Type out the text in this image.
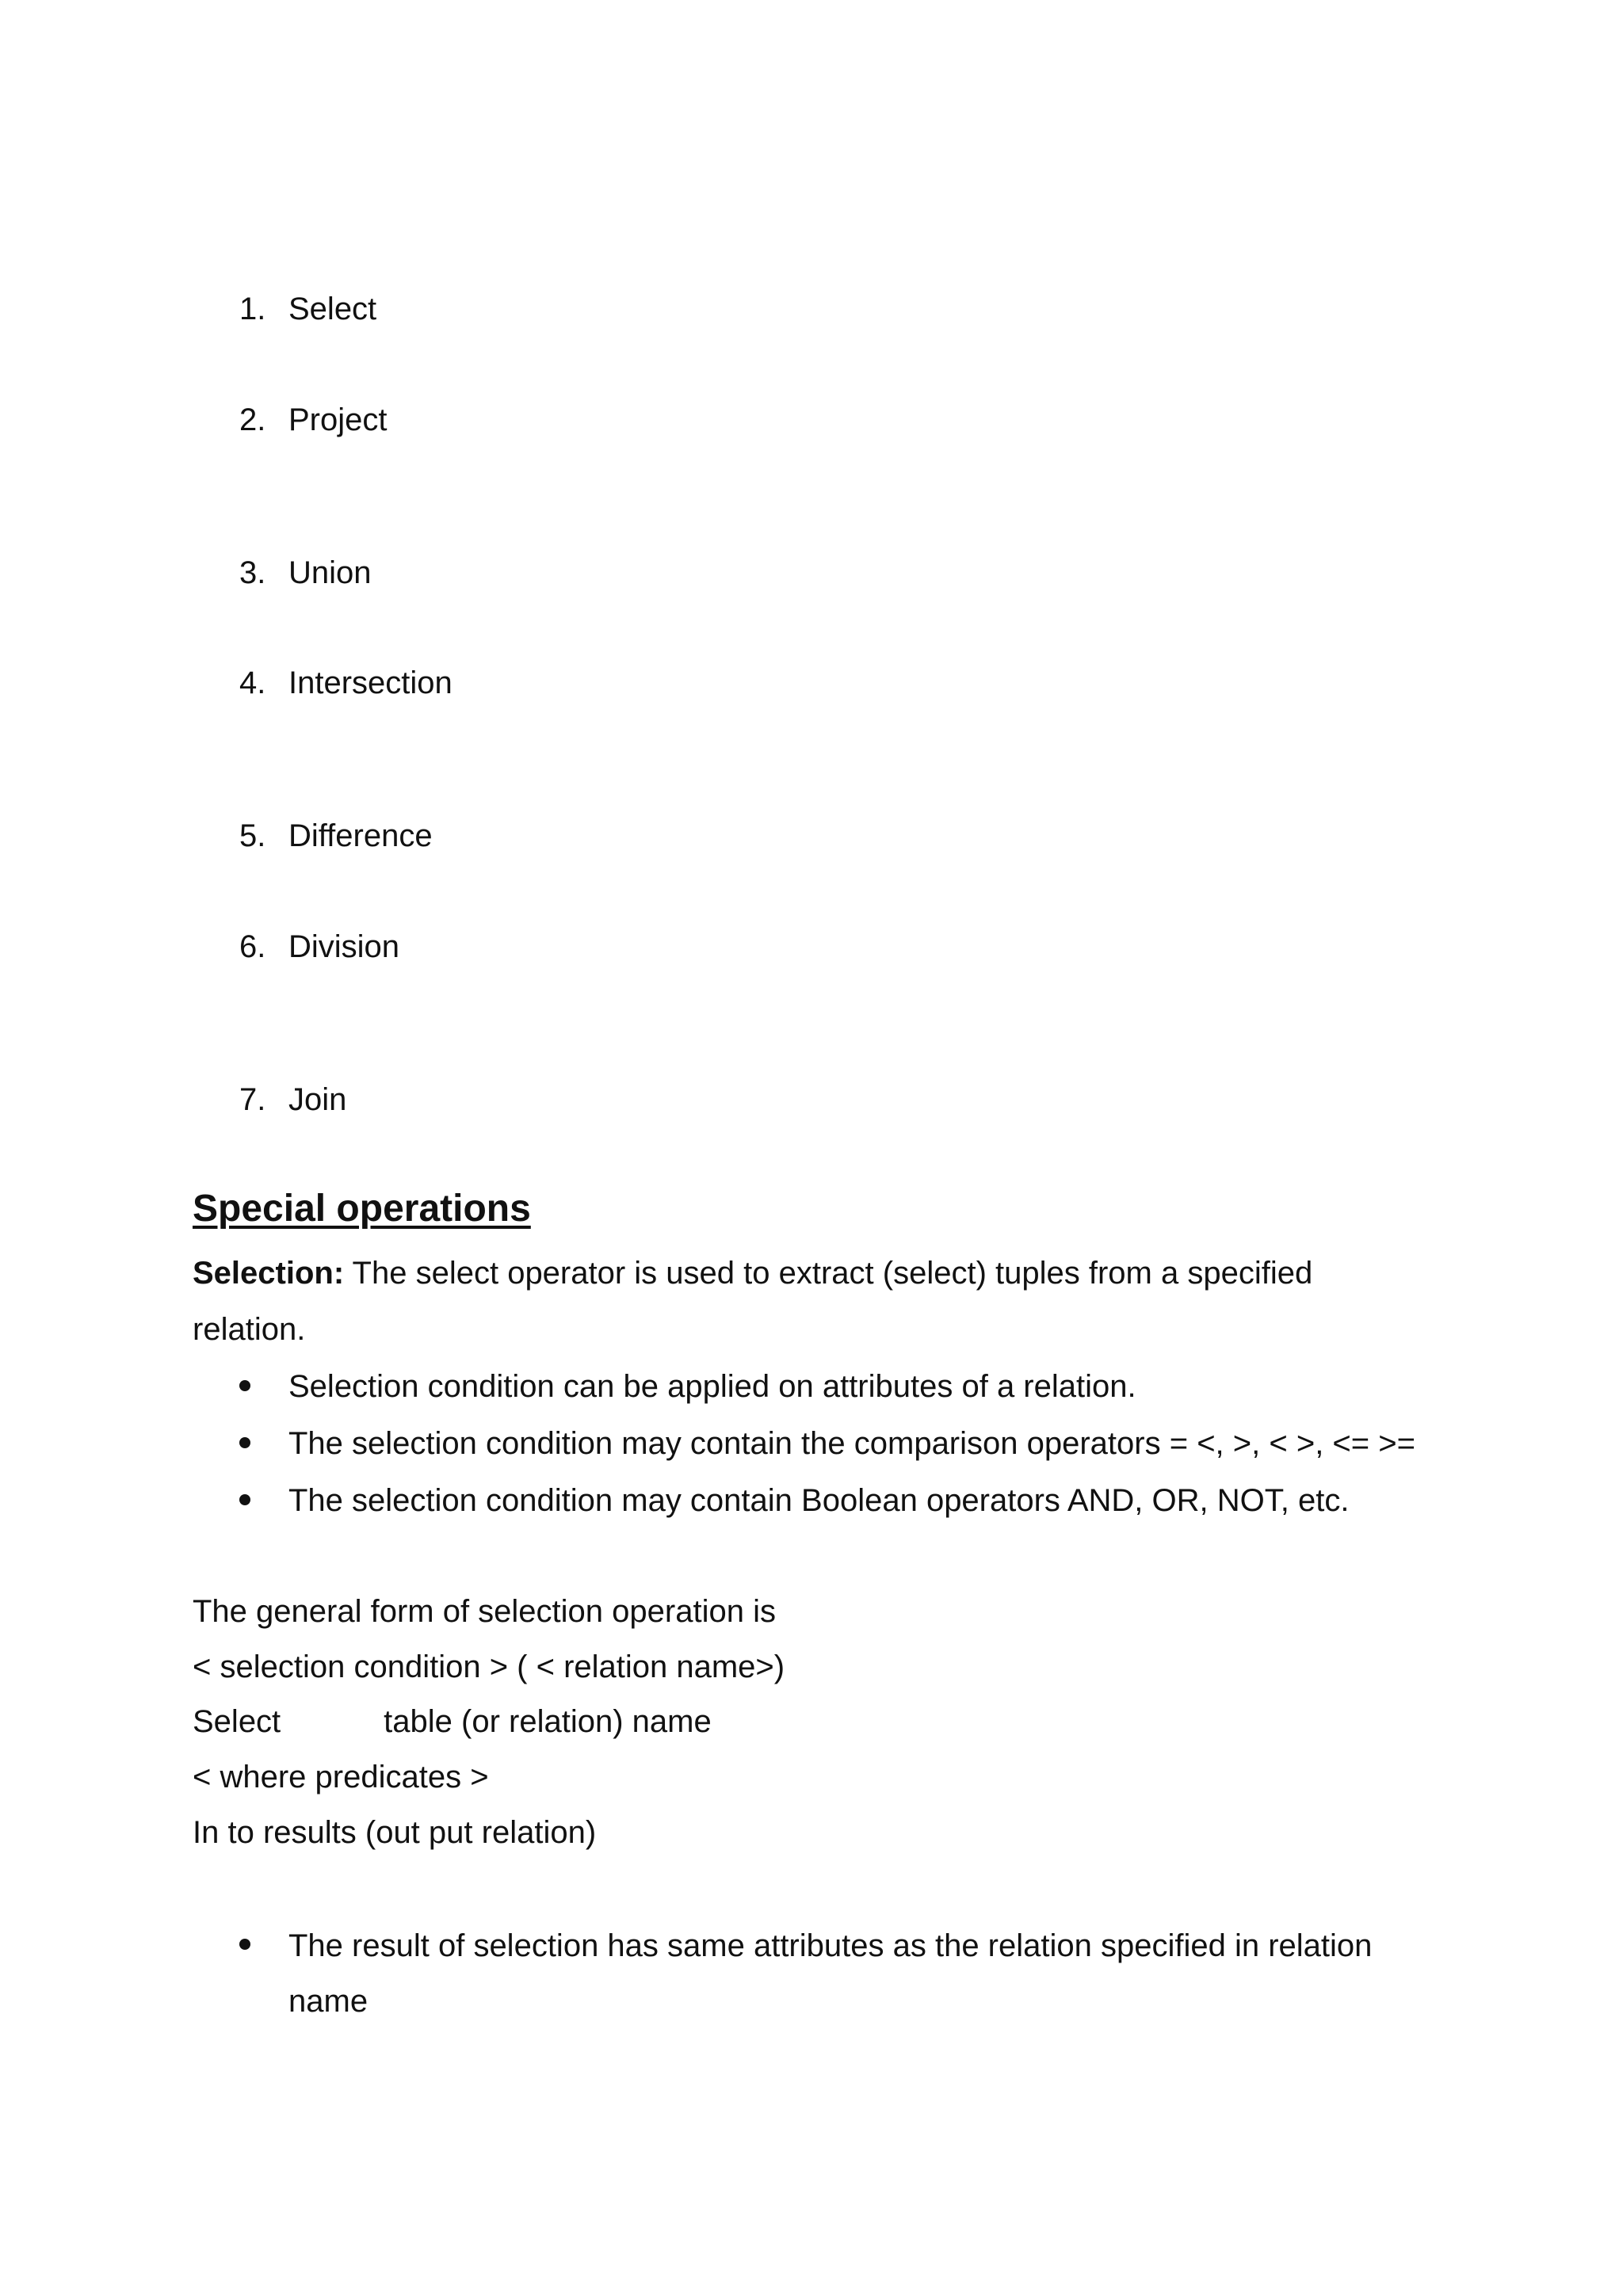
1. Select
2. Project
3. Union
4. Intersection
5. Difference
6. Division
7. Join
Special operations
Selection: The select operator is used to extract (select) tuples from a specified
relation.
Selection condition can be applied on attributes of a relation.
The selection condition may contain the comparison operators = <, >, < >, <= >=
The selection condition may contain Boolean operators AND, OR, NOT, etc.
The general form of selection operation is
< selection condition > ( < relation name>)
Select	table (or relation) name
< where predicates >
In to results (out put relation)
The result of selection has same attributes as the relation specified in relation name
